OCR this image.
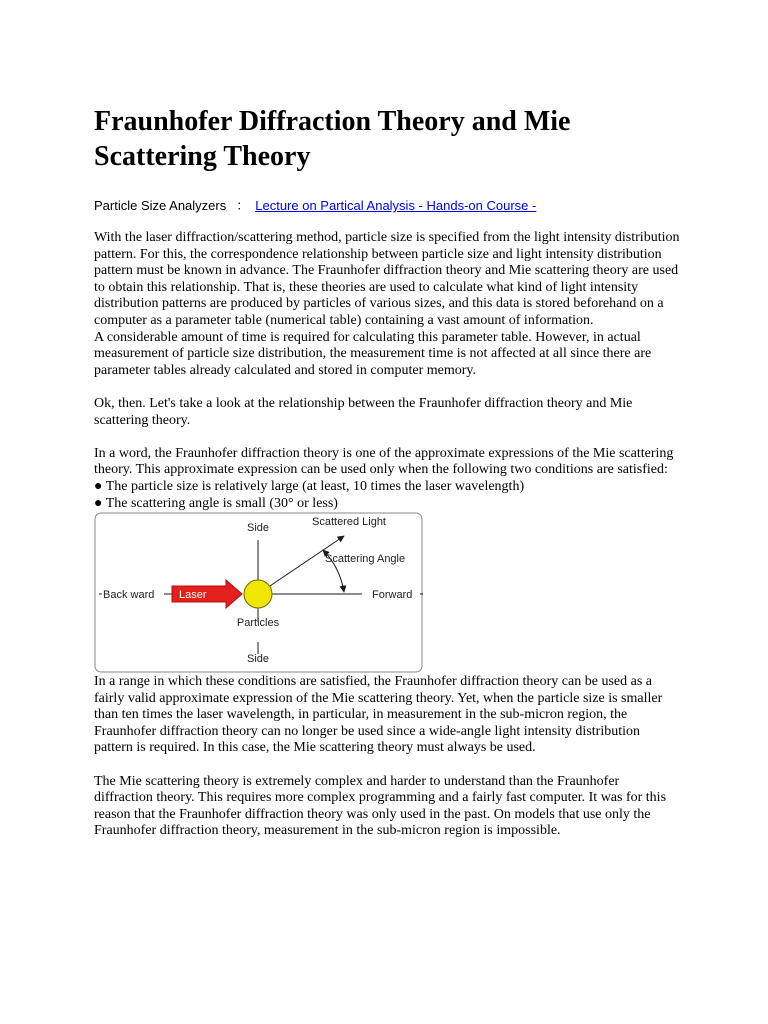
Fraunhofer Diffraction Theory and Mie Scattering Theory
Particle Size Analyzers ： Lecture on Partical Analysis - Hands-on Course -

With the laser diffraction/scattering method, particle size is specified from the light intensity distribution pattern. For this, the correspondence relationship between particle size and light intensity distribution pattern must be known in advance. The Fraunhofer diffraction theory and Mie scattering theory are used to obtain this relationship. That is, these theories are used to calculate what kind of light intensity distribution patterns are produced by particles of various sizes, and this data is stored beforehand on a computer as a parameter table (numerical table) containing a vast amount of information.

A considerable amount of time is required for calculating this parameter table. However, in actual measurement of particle size distribution, the measurement time is not affected at all since there are parameter tables already calculated and stored in computer memory.

Ok, then. Let's take a look at the relationship between the Fraunhofer diffraction theory and Mie scattering theory.

In a word, the Fraunhofer diffraction theory is one of the approximate expressions of the Mie scattering theory. This approximate expression can be used only when the following two conditions are satisfied:

● The particle size is relatively large (at least, 10 times the laser wavelength)

● The scattering angle is small (30° or less)

Side	Scattered Light
Scattering Angle
Back ward Laser	Forward
Particles
Side

In a range in which these conditions are satisfied, the Fraunhofer diffraction theory can be used as a fairly valid approximate expression of the Mie scattering theory. Yet, when the particle size is smaller than ten times the laser wavelength, in particular, in measurement in the sub-micron region, the Fraunhofer diffraction theory can no longer be used since a wide-angle light intensity distribution pattern is required. In this case, the Mie scattering theory must always be used.

The Mie scattering theory is extremely complex and harder to understand than the Fraunhofer diffraction theory. This requires more complex programming and a fairly fast computer. It was for this reason that the Fraunhofer diffraction theory was only used in the past. On models that use only the Fraunhofer diffraction theory, measurement in the sub-micron region is impossible.
